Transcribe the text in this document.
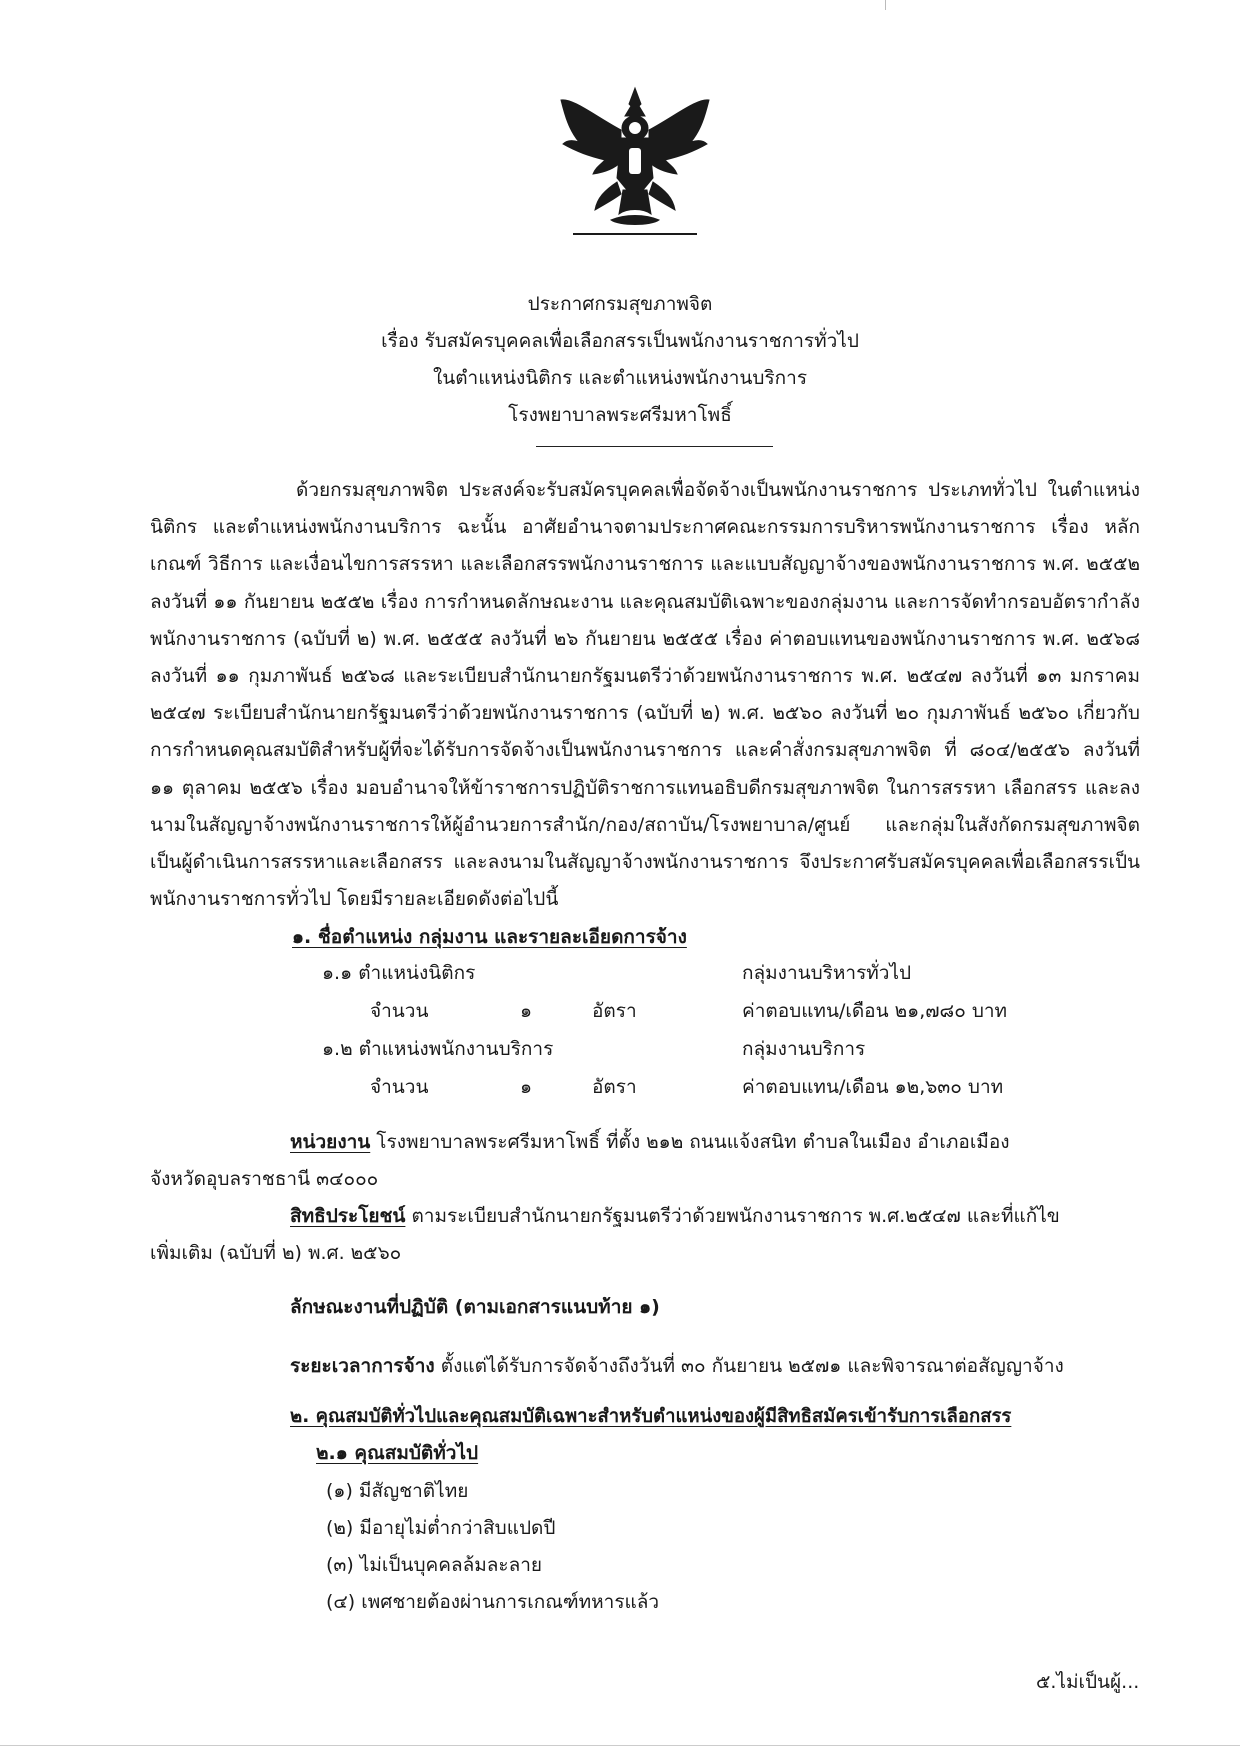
ประกาศกรมสุขภาพจิต
เรื่อง รับสมัครบุคคลเพื่อเลือกสรรเป็นพนักงานราชการทั่วไป
ในตำแหน่งนิติกร และตำแหน่งพนักงานบริการ
โรงพยาบาลพระศรีมหาโพธิ์
ด้วยกรมสุขภาพจิต ประสงค์จะรับสมัครบุคคลเพื่อจัดจ้างเป็นพนักงานราชการ ประเภททั่วไป ในตำแหน่งนิติกร และตำแหน่งพนักงานบริการ ฉะนั้น อาศัยอำนาจตามประกาศคณะกรรมการบริหารพนักงานราชการ เรื่อง หลักเกณฑ์ วิธีการ และเงื่อนไขการสรรหา และเลือกสรรพนักงานราชการ และแบบสัญญาจ้างของพนักงานราชการ พ.ศ. ๒๕๕๒ ลงวันที่ ๑๑ กันยายน ๒๕๕๒ เรื่อง การกำหนดลักษณะงาน และคุณสมบัติเฉพาะของกลุ่มงาน และการจัดทำกรอบอัตรากำลังพนักงานราชการ (ฉบับที่ ๒) พ.ศ. ๒๕๕๕ ลงวันที่ ๒๖ กันยายน ๒๕๕๕ เรื่อง ค่าตอบแทนของพนักงานราชการ พ.ศ. ๒๕๖๘ ลงวันที่ ๑๑ กุมภาพันธ์ ๒๕๖๘ และระเบียบสำนักนายกรัฐมนตรีว่าด้วยพนักงานราชการ พ.ศ. ๒๕๔๗ ลงวันที่ ๑๓ มกราคม ๒๕๔๗ ระเบียบสำนักนายกรัฐมนตรีว่าด้วยพนักงานราชการ (ฉบับที่ ๒) พ.ศ. ๒๕๖๐ ลงวันที่ ๒๐ กุมภาพันธ์ ๒๕๖๐ เกี่ยวกับการกำหนดคุณสมบัติสำหรับผู้ที่จะได้รับการจัดจ้างเป็นพนักงานราชการ และคำสั่งกรมสุขภาพจิต ที่ ๘๐๔/๒๕๕๖ ลงวันที่ ๑๑ ตุลาคม ๒๕๕๖ เรื่อง มอบอำนาจให้ข้าราชการปฏิบัติราชการแทนอธิบดีกรมสุขภาพจิต ในการสรรหา เลือกสรร และลงนามในสัญญาจ้างพนักงานราชการให้ผู้อำนวยการสำนัก/กอง/สถาบัน/โรงพยาบาล/ศูนย์ และกลุ่มในสังกัดกรมสุขภาพจิต เป็นผู้ดำเนินการสรรหาและเลือกสรร และลงนามในสัญญาจ้างพนักงานราชการ จึงประกาศรับสมัครบุคคลเพื่อเลือกสรรเป็นพนักงานราชการทั่วไป โดยมีรายละเอียดดังต่อไปนี้
๑. ชื่อตำแหน่ง กลุ่มงาน และรายละเอียดการจ้าง
๑.๑ ตำแหน่งนิติกร	กลุ่มงานบริหารทั่วไป
จำนวน	๑	อัตรา	ค่าตอบแทน/เดือน ๒๑,๗๘๐ บาท
๑.๒ ตำแหน่งพนักงานบริการ	กลุ่มงานบริการ
จำนวน	๑	อัตรา	ค่าตอบแทน/เดือน ๑๒,๖๓๐ บาท
หน่วยงาน โรงพยาบาลพระศรีมหาโพธิ์ ที่ตั้ง ๒๑๒ ถนนแจ้งสนิท ตำบลในเมือง อำเภอเมือง
จังหวัดอุบลราชธานี ๓๔๐๐๐
สิทธิประโยชน์ ตามระเบียบสำนักนายกรัฐมนตรีว่าด้วยพนักงานราชการ พ.ศ.๒๕๔๗ และที่แก้ไข
เพิ่มเติม (ฉบับที่ ๒) พ.ศ. ๒๕๖๐
ลักษณะงานที่ปฏิบัติ (ตามเอกสารแนบท้าย ๑)
ระยะเวลาการจ้าง ตั้งแต่ได้รับการจัดจ้างถึงวันที่ ๓๐ กันยายน ๒๕๗๑ และพิจารณาต่อสัญญาจ้าง
๒. คุณสมบัติทั่วไปและคุณสมบัติเฉพาะสำหรับตำแหน่งของผู้มีสิทธิสมัครเข้ารับการเลือกสรร
๒.๑ คุณสมบัติทั่วไป
(๑) มีสัญชาติไทย
(๒) มีอายุไม่ต่ำกว่าสิบแปดปี
(๓) ไม่เป็นบุคคลล้มละลาย
(๔) เพศชายต้องผ่านการเกณฑ์ทหารแล้ว
๕.ไม่เป็นผู้...
